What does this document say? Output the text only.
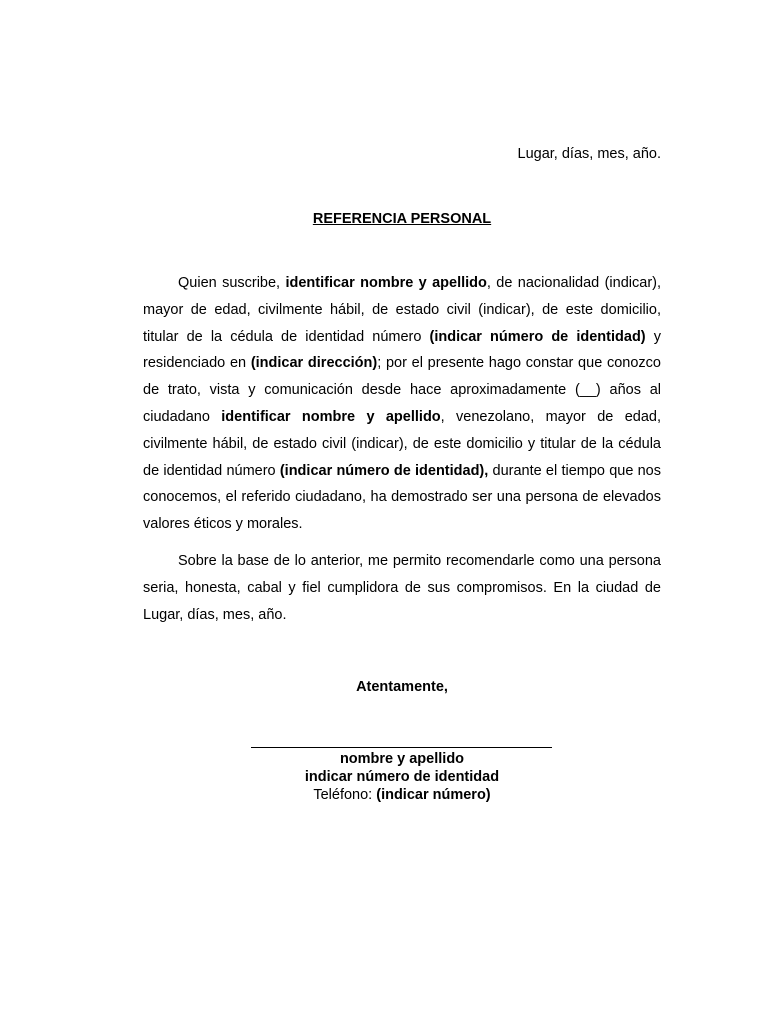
Lugar, días, mes, año.
REFERENCIA PERSONAL

Quien suscribe, identificar nombre y apellido, de nacionalidad (indicar), mayor de edad, civilmente hábil, de estado civil (indicar), de este domicilio, titular de la cédula de identidad número (indicar número de identidad) y residenciado en (indicar dirección); por el presente hago constar que conozco de trato, vista y comunicación desde hace aproximadamente (__) años al ciudadano identificar nombre y apellido, venezolano, mayor de edad, civilmente hábil, de estado civil (indicar), de este domicilio y titular de la cédula de identidad número (indicar número de identidad), durante el tiempo que nos conocemos, el referido ciudadano, ha demostrado ser una persona de elevados valores éticos y morales.

Sobre la base de lo anterior, me permito recomendarle como una persona seria, honesta, cabal y fiel cumplidora de sus compromisos. En la ciudad de Lugar, días, mes, año.

Atentamente,
nombre y apellido
indicar número de identidad
Teléfono: (indicar número)
